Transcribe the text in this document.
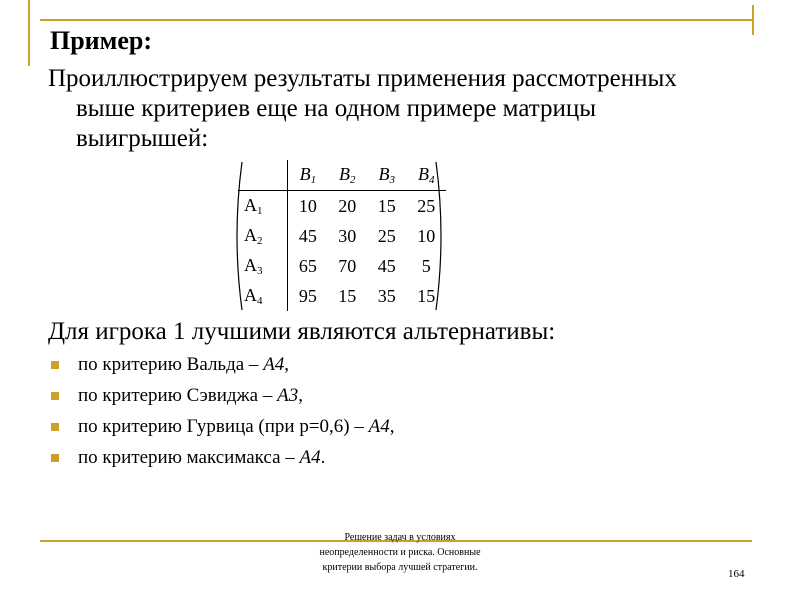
Пример:

Проиллюстрируем результаты применения рассмотренных выше критериев еще на одном примере матрицы выигрышей:

	$B_1$	$B_2$	$B_3$	$B_4$
$A_1$	10	20	15	25
$A_2$	45	30	25	10
$A_3$	65	70	45	5
$A_4$	95	15	35	15

Для игрока 1 лучшими являются альтернативы:

по критерию Вальда – А4,
по критерию Сэвиджа – А3,
по критерию Гурвица (при р=0,6) – А4,
по критерию максимакса – А4.
Решение задач в условиях
неопределенности и риска. Основные
критерии выбора лучшей стратегии.
164
